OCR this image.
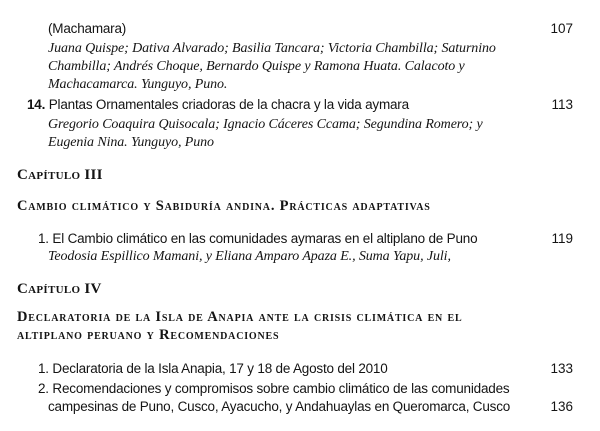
(Machamara)	107
Juana Quispe; Dativa Alvarado; Basilia Tancara; Victoria Chambilla; Saturnino
Chambilla; Andrés Choque, Bernardo Quispe y Ramona Huata. Calacoto y
Machacamarca. Yunguyo, Puno.
14. Plantas Ornamentales criadoras de la chacra y la vida aymara	113
Gregorio Coaquira Quisocala; Ignacio Cáceres Ccama; Segundina Romero; y
Eugenia Nina. Yunguyo, Puno
Capítulo III
Cambio climático y Sabiduría andina. Prácticas adaptativas
1. El Cambio climático en las comunidades aymaras en el altiplano de Puno	119
Teodosia Espillico Mamani, y Eliana Amparo Apaza E., Suma Yapu, Juli,
Capítulo IV
Declaratoria de la Isla de Anapia ante la crisis climática en el
altiplano peruano y Recomendaciones
1. Declaratoria de la Isla Anapia, 17 y 18 de Agosto del 2010	133
2. Recomendaciones y compromisos sobre cambio climático de las comunidades
campesinas de Puno, Cusco, Ayacucho, y Andahuaylas en Queromarca, Cusco	136
